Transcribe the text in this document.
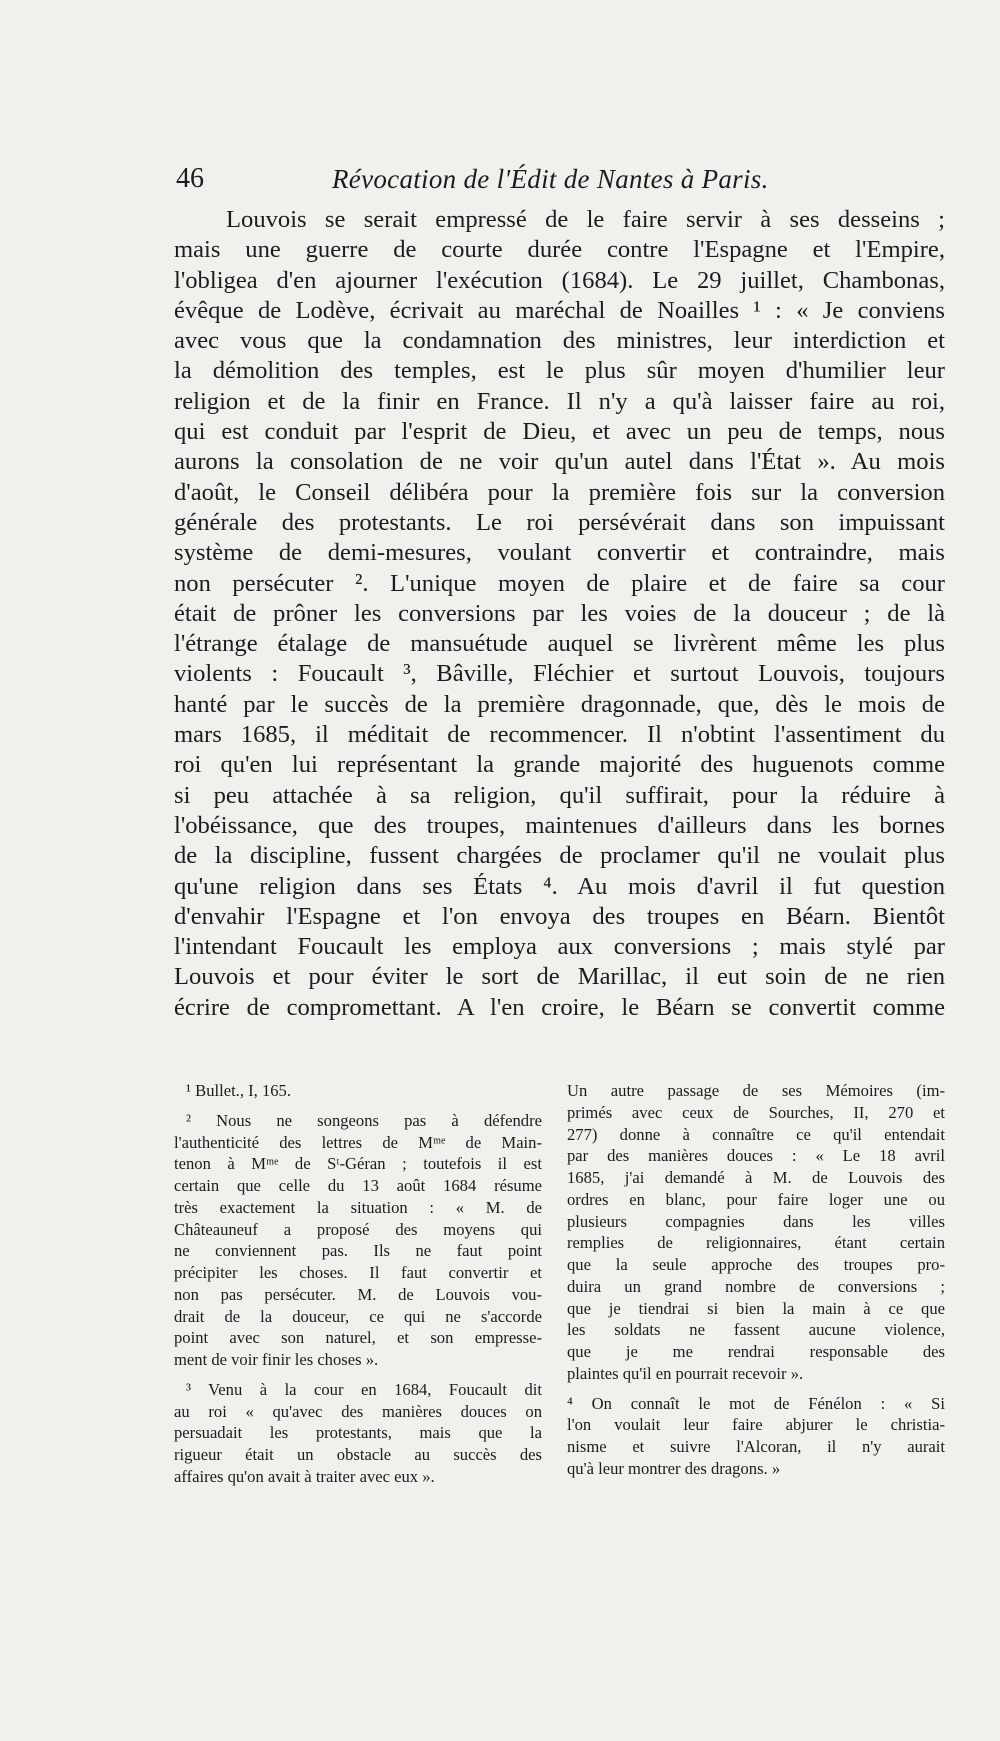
46	Révocation de l'Édit de Nantes à Paris.
Louvois se serait empressé de le faire servir à ses desseins ;
mais une guerre de courte durée contre l'Espagne et l'Empire,
l'obligea d'en ajourner l'exécution (1684). Le 29 juillet, Chambonas,
évêque de Lodève, écrivait au maréchal de Noailles ¹ : « Je conviens
avec vous que la condamnation des ministres, leur interdiction et
la démolition des temples, est le plus sûr moyen d'humilier leur
religion et de la finir en France. Il n'y a qu'à laisser faire au roi,
qui est conduit par l'esprit de Dieu, et avec un peu de temps, nous
aurons la consolation de ne voir qu'un autel dans l'État ». Au mois
d'août, le Conseil délibéra pour la première fois sur la conversion
générale des protestants. Le roi persévérait dans son impuissant
système de demi-mesures, voulant convertir et contraindre, mais
non persécuter ². L'unique moyen de plaire et de faire sa cour
était de prôner les conversions par les voies de la douceur ; de là
l'étrange étalage de mansuétude auquel se livrèrent même les plus
violents : Foucault ³, Bâville, Fléchier et surtout Louvois, toujours
hanté par le succès de la première dragonnade, que, dès le mois de
mars 1685, il méditait de recommencer. Il n'obtint l'assentiment du
roi qu'en lui représentant la grande majorité des huguenots comme
si peu attachée à sa religion, qu'il suffirait, pour la réduire à
l'obéissance, que des troupes, maintenues d'ailleurs dans les bornes
de la discipline, fussent chargées de proclamer qu'il ne voulait plus
qu'une religion dans ses États ⁴. Au mois d'avril il fut question
d'envahir l'Espagne et l'on envoya des troupes en Béarn. Bientôt
l'intendant Foucault les employa aux conversions ; mais stylé par
Louvois et pour éviter le sort de Marillac, il eut soin de ne rien
écrire de compromettant. A l'en croire, le Béarn se convertit comme
¹ Bullet., I, 165.
² Nous ne songeons pas à défendre
l'authenticité des lettres de Mᵐᵉ de Main-
tenon à Mᵐᵉ de Sᵗ-Géran ; toutefois il est
certain que celle du 13 août 1684 résume
très exactement la situation : « M. de
Châteauneuf a proposé des moyens qui
ne conviennent pas. Ils ne faut point
précipiter les choses. Il faut convertir et
non pas persécuter. M. de Louvois vou-
drait de la douceur, ce qui ne s'accorde
point avec son naturel, et son empresse-
ment de voir finir les choses ».
³ Venu à la cour en 1684, Foucault dit
au roi « qu'avec des manières douces on
persuadait les protestants, mais que la
rigueur était un obstacle au succès des
affaires qu'on avait à traiter avec eux ».
Un autre passage de ses Mémoires (im-
primés avec ceux de Sourches, II, 270 et
277) donne à connaître ce qu'il entendait
par des manières douces : « Le 18 avril
1685, j'ai demandé à M. de Louvois des
ordres en blanc, pour faire loger une ou
plusieurs compagnies dans les villes
remplies de religionnaires, étant certain
que la seule approche des troupes pro-
duira un grand nombre de conversions ;
que je tiendrai si bien la main à ce que
les soldats ne fassent aucune violence,
que je me rendrai responsable des
plaintes qu'il en pourrait recevoir ».
⁴ On connaît le mot de Fénélon : « Si
l'on voulait leur faire abjurer le christia-
nisme et suivre l'Alcoran, il n'y aurait
qu'à leur montrer des dragons. »
